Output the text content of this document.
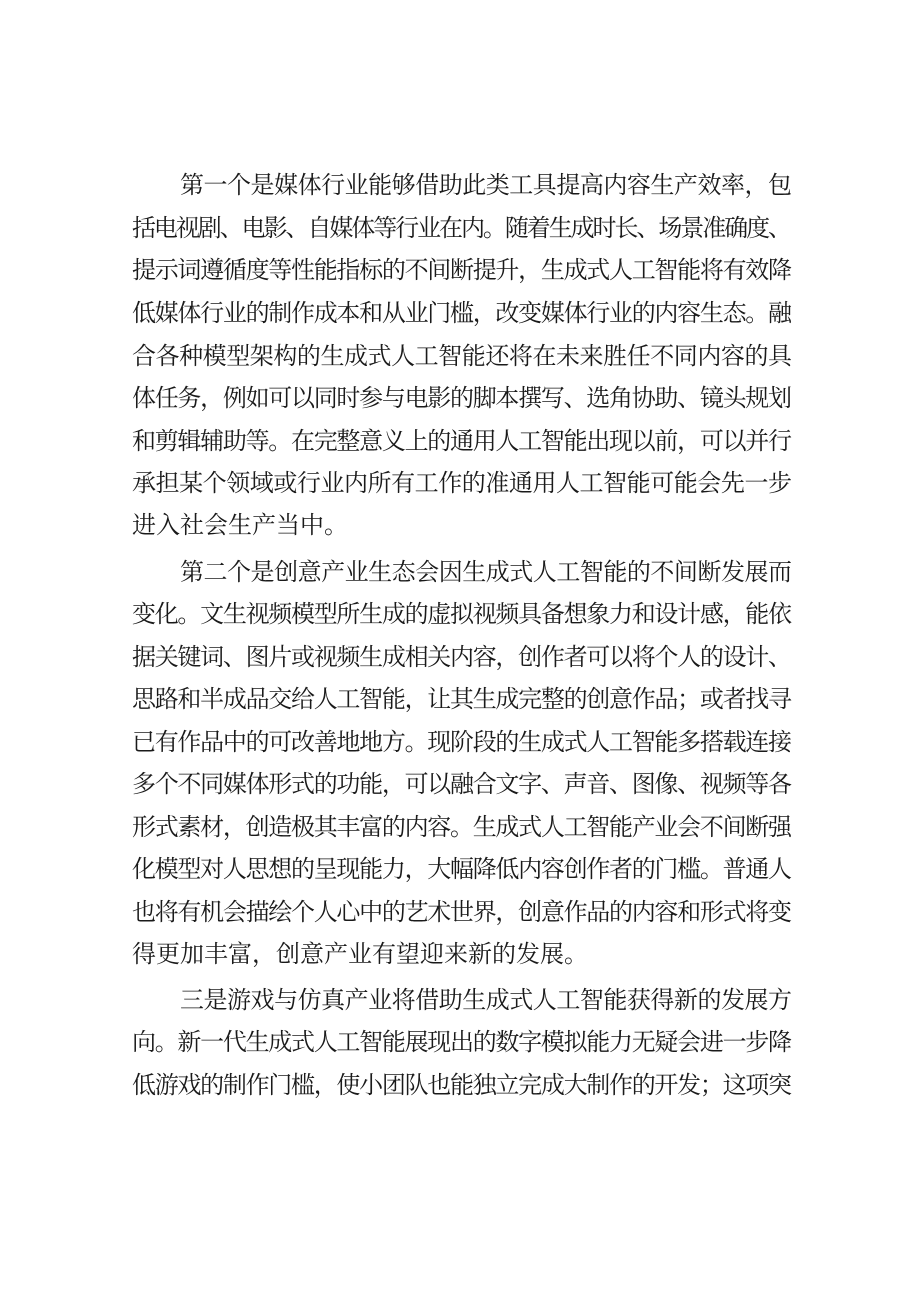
第一个是媒体行业能够借助此类工具提高内容生产效率，包

括电视剧、电影、自媒体等行业在内。随着生成时长、场景准确度、

提示词遵循度等性能指标的不间断提升，生成式人工智能将有效降

低媒体行业的制作成本和从业门槛，改变媒体行业的内容生态。融

合各种模型架构的生成式人工智能还将在未来胜任不同内容的具

体任务，例如可以同时参与电影的脚本撰写、选角协助、镜头规划

和剪辑辅助等。在完整意义上的通用人工智能出现以前，可以并行

承担某个领域或行业内所有工作的准通用人工智能可能会先一步

进入社会生产当中。

第二个是创意产业生态会因生成式人工智能的不间断发展而

变化。文生视频模型所生成的虚拟视频具备想象力和设计感，能依

据关键词、图片或视频生成相关内容，创作者可以将个人的设计、

思路和半成品交给人工智能，让其生成完整的创意作品；或者找寻

已有作品中的可改善地地方。现阶段的生成式人工智能多搭载连接

多个不同媒体形式的功能，可以融合文字、声音、图像、视频等各

形式素材，创造极其丰富的内容。生成式人工智能产业会不间断强

化模型对人思想的呈现能力，大幅降低内容创作者的门槛。普通人

也将有机会描绘个人心中的艺术世界，创意作品的内容和形式将变

得更加丰富，创意产业有望迎来新的发展。

三是游戏与仿真产业将借助生成式人工智能获得新的发展方

向。新一代生成式人工智能展现出的数字模拟能力无疑会进一步降

低游戏的制作门槛，使小团队也能独立完成大制作的开发；这项突
